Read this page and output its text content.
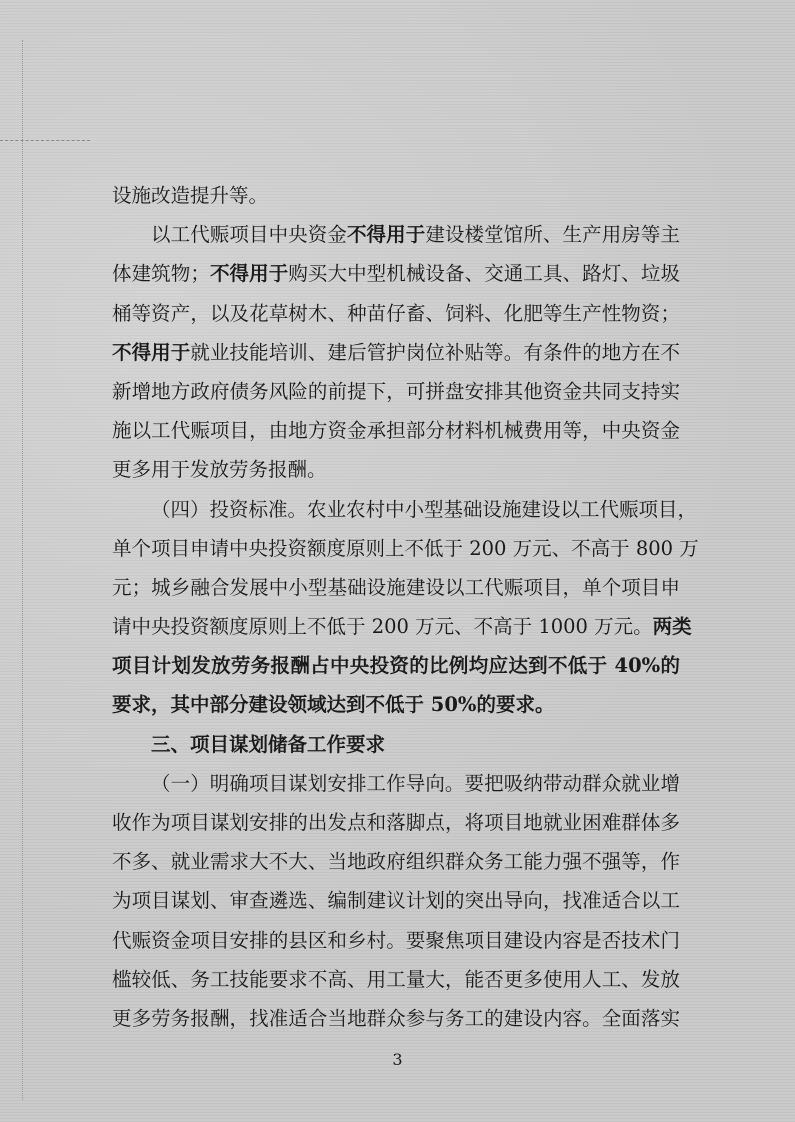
设施改造提升等。
以工代赈项目中央资金不得用于建设楼堂馆所、生产用房等主
体建筑物；不得用于购买大中型机械设备、交通工具、路灯、垃圾
桶等资产，以及花草树木、种苗仔畜、饲料、化肥等生产性物资；
不得用于就业技能培训、建后管护岗位补贴等。有条件的地方在不
新增地方政府债务风险的前提下，可拼盘安排其他资金共同支持实
施以工代赈项目，由地方资金承担部分材料机械费用等，中央资金
更多用于发放劳务报酬。
（四）投资标准。农业农村中小型基础设施建设以工代赈项目，
单个项目申请中央投资额度原则上不低于 200 万元、不高于 800 万
元；城乡融合发展中小型基础设施建设以工代赈项目，单个项目申
请中央投资额度原则上不低于 200 万元、不高于 1000 万元。两类
项目计划发放劳务报酬占中央投资的比例均应达到不低于 40%的
要求，其中部分建设领域达到不低于 50%的要求。
三、项目谋划储备工作要求
（一）明确项目谋划安排工作导向。要把吸纳带动群众就业增
收作为项目谋划安排的出发点和落脚点，将项目地就业困难群体多
不多、就业需求大不大、当地政府组织群众务工能力强不强等，作
为项目谋划、审查遴选、编制建议计划的突出导向，找准适合以工
代赈资金项目安排的县区和乡村。要聚焦项目建设内容是否技术门
槛较低、务工技能要求不高、用工量大，能否更多使用人工、发放
更多劳务报酬，找准适合当地群众参与务工的建设内容。全面落实
3
